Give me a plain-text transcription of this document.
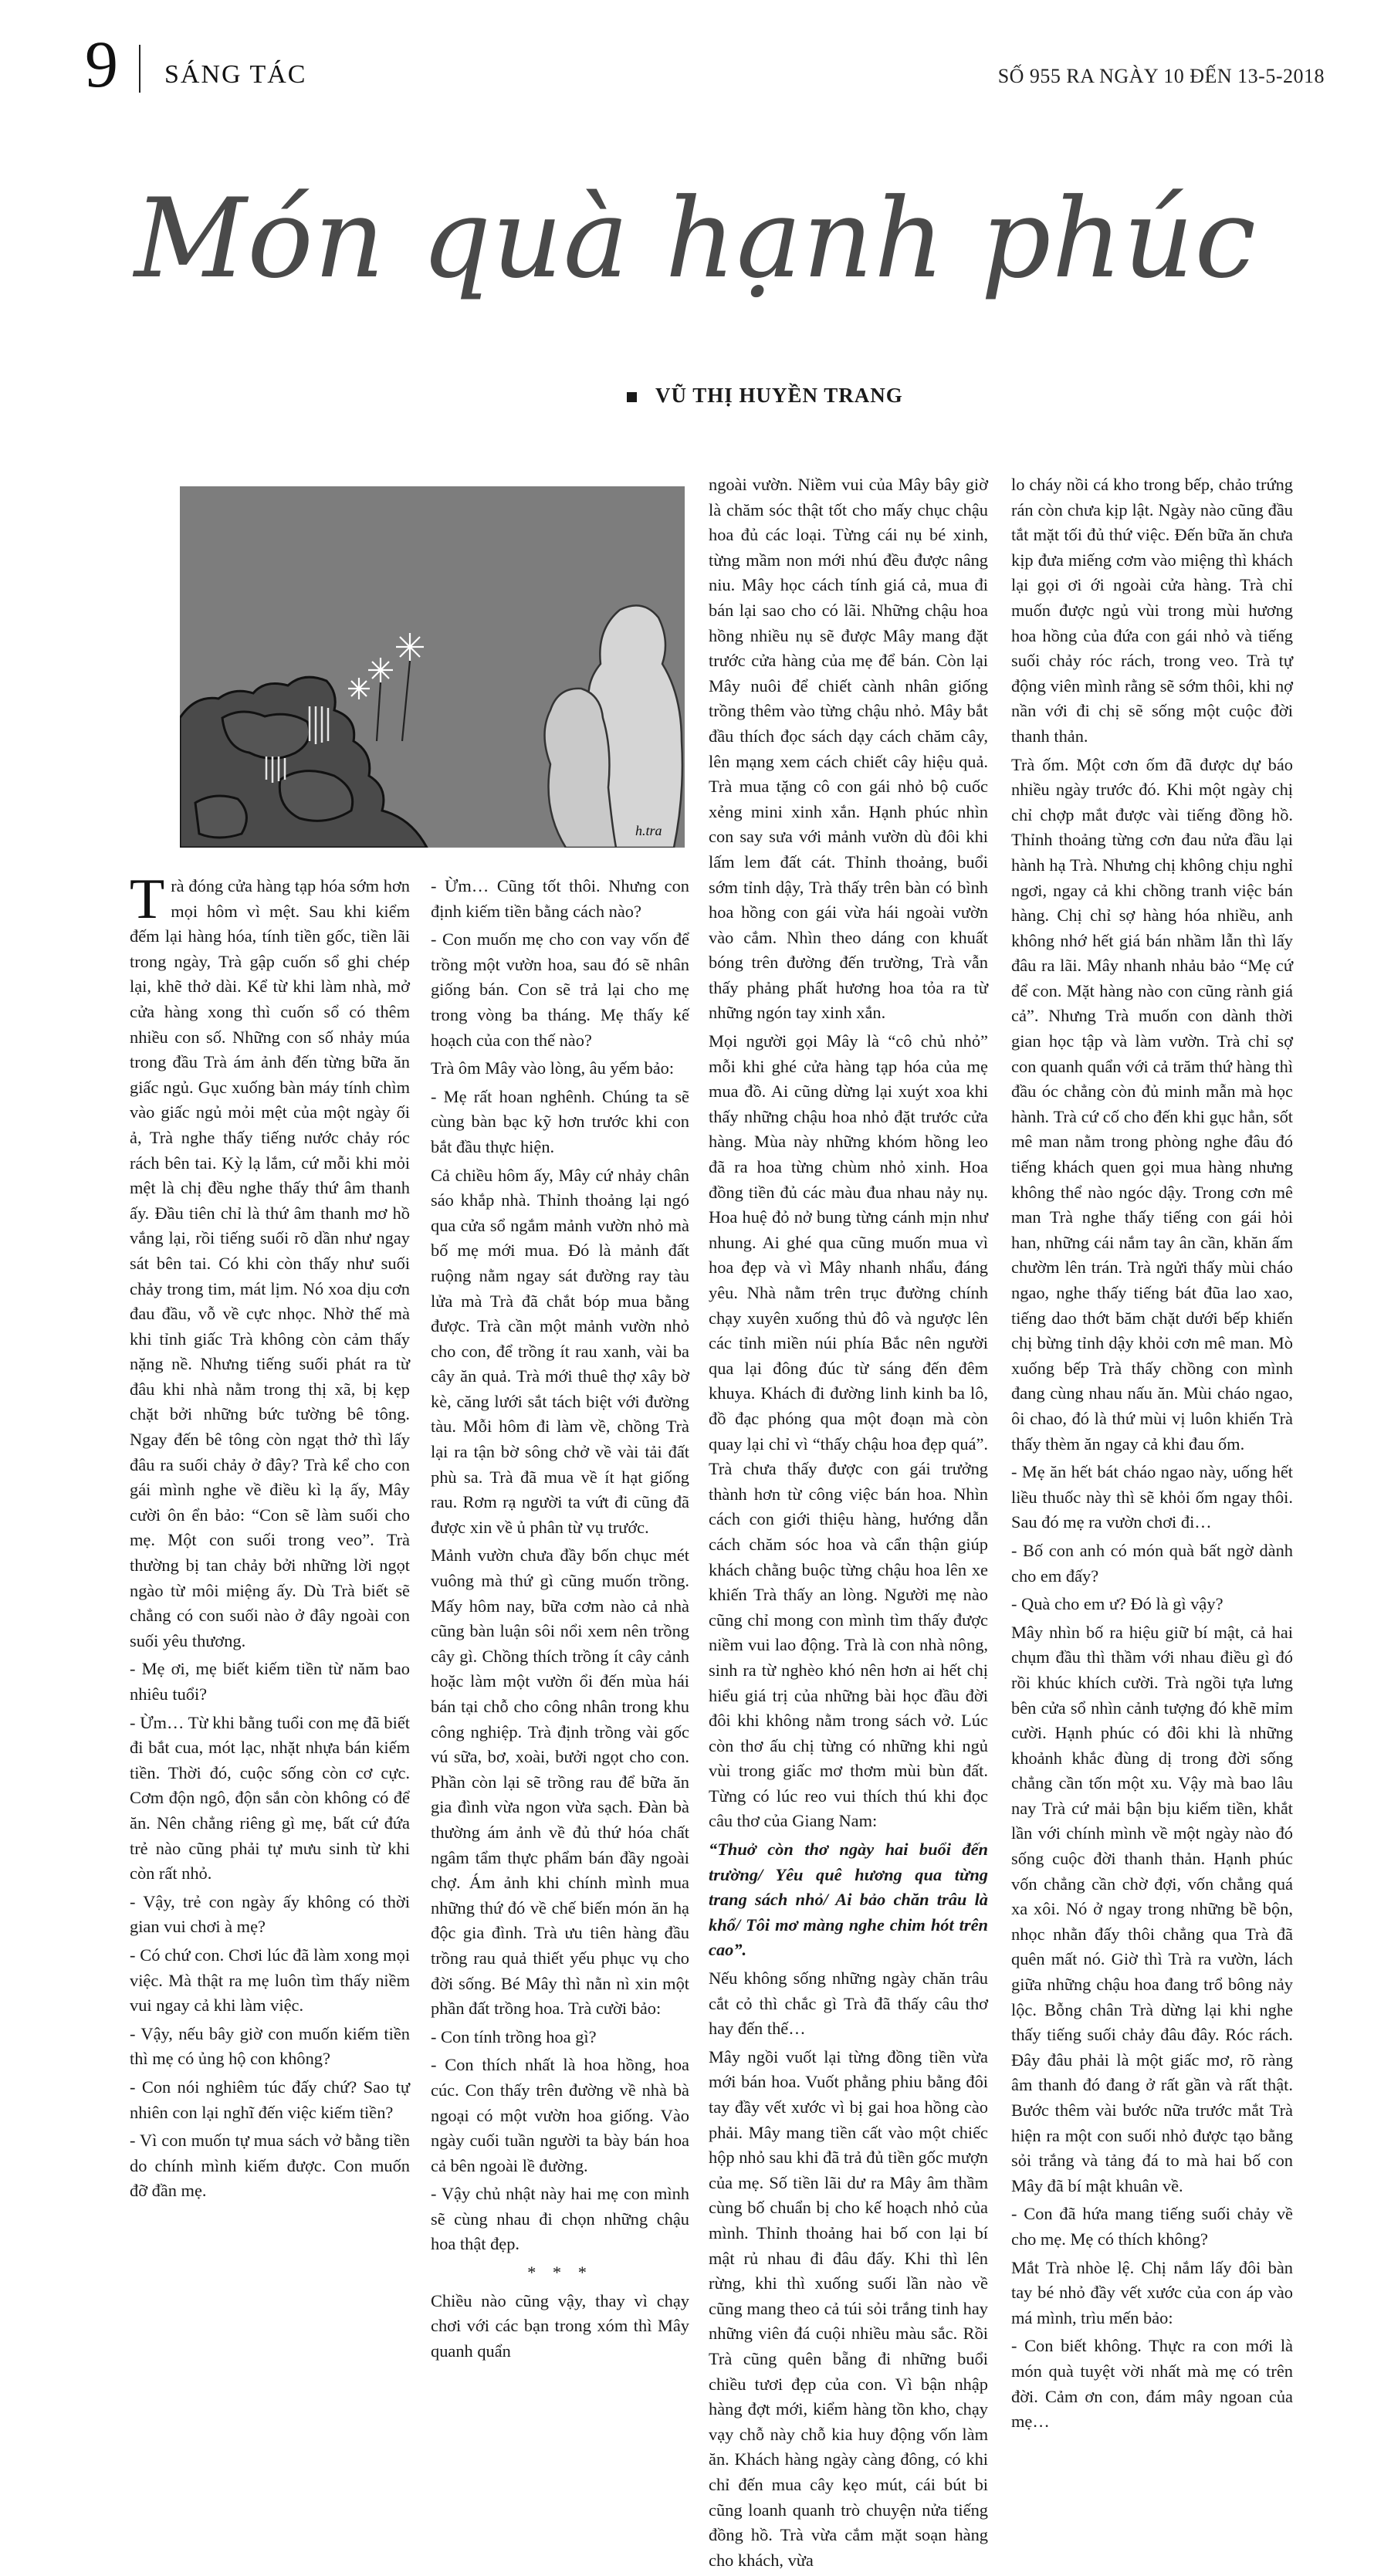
9 SÁNG TÁC	SỐ 955 RA NGÀY 10 ĐẾN 13-5-2018
Món quà hạnh phúc
VŨ THỊ HUYỀN TRANG
h.tra

Trà đóng cửa hàng tạp hóa sớm hơn mọi hôm vì mệt. Sau khi kiểm đếm lại hàng hóa, tính tiền gốc, tiền lãi trong ngày, Trà gập cuốn sổ ghi chép lại, khẽ thở dài. Kể từ khi làm nhà, mở cửa hàng xong thì cuốn sổ có thêm nhiều con số. Những con số nhảy múa trong đầu Trà ám ảnh đến từng bữa ăn giấc ngủ. Gục xuống bàn máy tính chìm vào giấc ngủ mỏi mệt của một ngày ối ả, Trà nghe thấy tiếng nước chảy róc rách bên tai. Kỳ lạ lắm, cứ mỗi khi mỏi mệt là chị đều nghe thấy thứ âm thanh ấy. Đầu tiên chỉ là thứ âm thanh mơ hồ vắng lại, rồi tiếng suối rõ dần như ngay sát bên tai. Có khi còn thấy như suối chảy trong tim, mát lịm. Nó xoa dịu cơn đau đầu, vỗ về cực nhọc. Nhờ thế mà khi tỉnh giấc Trà không còn cảm thấy nặng nề. Nhưng tiếng suối phát ra từ đâu khi nhà nằm trong thị xã, bị kẹp chặt bởi những bức tường bê tông. Ngay đến bê tông còn ngạt thở thì lấy đâu ra suối chảy ở đây? Trà kể cho con gái mình nghe về điều kì lạ ấy, Mây cười ôn ển bảo: “Con sẽ làm suối cho mẹ. Một con suối trong veo”. Trà thường bị tan chảy bởi những lời ngọt ngào từ môi miệng ấy. Dù Trà biết sẽ chẳng có con suối nào ở đây ngoài con suối yêu thương.

- Mẹ ơi, mẹ biết kiếm tiền từ năm bao nhiêu tuổi?

- Ừm… Từ khi bằng tuổi con mẹ đã biết đi bắt cua, mót lạc, nhặt nhựa bán kiếm tiền. Thời đó, cuộc sống còn cơ cực. Cơm độn ngô, độn sắn còn không có để ăn. Nên chẳng riêng gì mẹ, bất cứ đứa trẻ nào cũng phải tự mưu sinh từ khi còn rất nhỏ.

- Vậy, trẻ con ngày ấy không có thời gian vui chơi à mẹ?

- Có chứ con. Chơi lúc đã làm xong mọi việc. Mà thật ra mẹ luôn tìm thấy niềm vui ngay cả khi làm việc.

- Vậy, nếu bây giờ con muốn kiếm tiền thì mẹ có ủng hộ con không?

- Con nói nghiêm túc đấy chứ? Sao tự nhiên con lại nghĩ đến việc kiếm tiền?

- Vì con muốn tự mua sách vở bằng tiền do chính mình kiếm được. Con muốn đỡ đần mẹ.

- Ừm… Cũng tốt thôi. Nhưng con định kiếm tiền bằng cách nào?

- Con muốn mẹ cho con vay vốn để trồng một vườn hoa, sau đó sẽ nhân giống bán. Con sẽ trả lại cho mẹ trong vòng ba tháng. Mẹ thấy kế hoạch của con thế nào?

Trà ôm Mây vào lòng, âu yếm bảo:

- Mẹ rất hoan nghênh. Chúng ta sẽ cùng bàn bạc kỹ hơn trước khi con bắt đầu thực hiện.

Cả chiều hôm ấy, Mây cứ nhảy chân sáo khắp nhà. Thỉnh thoảng lại ngó qua cửa sổ ngắm mảnh vườn nhỏ mà bố mẹ mới mua. Đó là mảnh đất ruộng nằm ngay sát đường ray tàu lửa mà Trà đã chắt bóp mua bằng được. Trà cần một mảnh vườn nhỏ cho con, để trồng ít rau xanh, vài ba cây ăn quả. Trà mới thuê thợ xây bờ kè, căng lưới sắt tách biệt với đường tàu. Mỗi hôm đi làm về, chồng Trà lại ra tận bờ sông chở về vài tải đất phù sa. Trà đã mua về ít hạt giống rau. Rơm rạ người ta vứt đi cũng đã được xin về ủ phân từ vụ trước.

Mảnh vườn chưa đầy bốn chục mét vuông mà thứ gì cũng muốn trồng. Mấy hôm nay, bữa cơm nào cả nhà cũng bàn luận sôi nổi xem nên trồng cây gì. Chồng thích trồng ít cây cảnh hoặc làm một vườn ổi đến mùa hái bán tại chỗ cho công nhân trong khu công nghiệp. Trà định trồng vài gốc vú sữa, bơ, xoài, bưởi ngọt cho con. Phần còn lại sẽ trồng rau để bữa ăn gia đình vừa ngon vừa sạch. Đàn bà thường ám ảnh về đủ thứ hóa chất ngâm tẩm thực phẩm bán đầy ngoài chợ. Ám ảnh khi chính mình mua những thứ đó về chế biến món ăn hạ độc gia đình. Trà ưu tiên hàng đầu trồng rau quả thiết yếu phục vụ cho đời sống. Bé Mây thì nằn nì xin một phần đất trồng hoa. Trà cười bảo:

- Con tính trồng hoa gì?

- Con thích nhất là hoa hồng, hoa cúc. Con thấy trên đường về nhà bà ngoại có một vườn hoa giống. Vào ngày cuối tuần người ta bày bán hoa cả bên ngoài lề đường.

- Vậy chủ nhật này hai mẹ con mình sẽ cùng nhau đi chọn những chậu hoa thật đẹp.

* * *

Chiều nào cũng vậy, thay vì chạy chơi với các bạn trong xóm thì Mây quanh quẩn

ngoài vườn. Niềm vui của Mây bây giờ là chăm sóc thật tốt cho mấy chục chậu hoa đủ các loại. Từng cái nụ bé xinh, từng mầm non mới nhú đều được nâng niu. Mây học cách tính giá cả, mua đi bán lại sao cho có lãi. Những chậu hoa hồng nhiều nụ sẽ được Mây mang đặt trước cửa hàng của mẹ để bán. Còn lại Mây nuôi để chiết cành nhân giống trồng thêm vào từng chậu nhỏ. Mây bắt đầu thích đọc sách dạy cách chăm cây, lên mạng xem cách chiết cây hiệu quả. Trà mua tặng cô con gái nhỏ bộ cuốc xẻng mini xinh xắn. Hạnh phúc nhìn con say sưa với mảnh vườn dù đôi khi lấm lem đất cát. Thỉnh thoảng, buổi sớm tỉnh dậy, Trà thấy trên bàn có bình hoa hồng con gái vừa hái ngoài vườn vào cắm. Nhìn theo dáng con khuất bóng trên đường đến trường, Trà vẫn thấy phảng phất hương hoa tỏa ra từ những ngón tay xinh xắn.

Mọi người gọi Mây là “cô chủ nhỏ” mỗi khi ghé cửa hàng tạp hóa của mẹ mua đồ. Ai cũng dừng lại xuýt xoa khi thấy những chậu hoa nhỏ đặt trước cửa hàng. Mùa này những khóm hồng leo đã ra hoa từng chùm nhỏ xinh. Hoa đồng tiền đủ các màu đua nhau nảy nụ. Hoa huệ đỏ nở bung từng cánh mịn như nhung. Ai ghé qua cũng muốn mua vì hoa đẹp và vì Mây nhanh nhẩu, đáng yêu. Nhà nằm trên trục đường chính chạy xuyên xuống thủ đô và ngược lên các tỉnh miền núi phía Bắc nên người qua lại đông đúc từ sáng đến đêm khuya. Khách đi đường linh kinh ba lô, đồ đạc phóng qua một đoạn mà còn quay lại chỉ vì “thấy chậu hoa đẹp quá”. Trà chưa thấy được con gái trưởng thành hơn từ công việc bán hoa. Nhìn cách con giới thiệu hàng, hướng dẫn cách chăm sóc hoa và cẩn thận giúp khách chằng buộc từng chậu hoa lên xe khiến Trà thấy an lòng. Người mẹ nào cũng chỉ mong con mình tìm thấy được niềm vui lao động. Trà là con nhà nông, sinh ra từ nghèo khó nên hơn ai hết chị hiểu giá trị của những bài học đầu đời đôi khi không nằm trong sách vở. Lúc còn thơ ấu chị từng có những khi ngủ vùi trong giấc mơ thơm mùi bùn đất. Từng có lúc reo vui thích thú khi đọc câu thơ của Giang Nam:

“Thuở còn thơ ngày hai buổi đến trường/ Yêu quê hương qua từng trang sách nhỏ/ Ai bảo chăn trâu là khổ/ Tôi mơ màng nghe chim hót trên cao”.

Nếu không sống những ngày chăn trâu cắt cỏ thì chắc gì Trà đã thấy câu thơ hay đến thế…

Mây ngồi vuốt lại từng đồng tiền vừa mới bán hoa. Vuốt phẳng phiu bằng đôi tay đầy vết xước vì bị gai hoa hồng cào phải. Mây mang tiền cất vào một chiếc hộp nhỏ sau khi đã trả đủ tiền gốc mượn của mẹ. Số tiền lãi dư ra Mây âm thầm cùng bố chuẩn bị cho kế hoạch nhỏ của mình. Thỉnh thoảng hai bố con lại bí mật rủ nhau đi đâu đấy. Khi thì lên rừng, khi thì xuống suối lần nào về cũng mang theo cả túi sỏi trắng tinh hay những viên đá cuội nhiều màu sắc. Rồi Trà cũng quên bẵng đi những buổi chiều tươi đẹp của con. Vì bận nhập hàng đợt mới, kiểm hàng tồn kho, chạy vạy chỗ này chỗ kia huy động vốn làm ăn. Khách hàng ngày càng đông, có khi chỉ đến mua cây kẹo mút, cái bút bi cũng loanh quanh trò chuyện nửa tiếng đồng hồ. Trà vừa cắm mặt soạn hàng cho khách, vừa

lo cháy nồi cá kho trong bếp, chảo trứng rán còn chưa kịp lật. Ngày nào cũng đầu tắt mặt tối đủ thứ việc. Đến bữa ăn chưa kịp đưa miếng cơm vào miệng thì khách lại gọi ơi ới ngoài cửa hàng. Trà chỉ muốn được ngủ vùi trong mùi hương hoa hồng của đứa con gái nhỏ và tiếng suối chảy róc rách, trong veo. Trà tự động viên mình rằng sẽ sớm thôi, khi nợ nần với đi chị sẽ sống một cuộc đời thanh thản.

Trà ốm. Một cơn ốm đã được dự báo nhiều ngày trước đó. Khi một ngày chị chỉ chợp mắt được vài tiếng đồng hồ. Thỉnh thoảng từng cơn đau nửa đầu lại hành hạ Trà. Nhưng chị không chịu nghỉ ngơi, ngay cả khi chồng tranh việc bán hàng. Chị chỉ sợ hàng hóa nhiều, anh không nhớ hết giá bán nhầm lẫn thì lấy đâu ra lãi. Mây nhanh nhảu bảo “Mẹ cứ để con. Mặt hàng nào con cũng rành giá cả”. Nhưng Trà muốn con dành thời gian học tập và làm vườn. Trà chỉ sợ con quanh quẩn với cả trăm thứ hàng thì đầu óc chẳng còn đủ minh mẫn mà học hành. Trà cứ cố cho đến khi gục hẳn, sốt mê man nằm trong phòng nghe đâu đó tiếng khách quen gọi mua hàng nhưng không thể nào ngóc dậy. Trong cơn mê man Trà nghe thấy tiếng con gái hỏi han, những cái nắm tay ân cần, khăn ấm chườm lên trán. Trà ngửi thấy mùi cháo ngao, nghe thấy tiếng bát đũa lao xao, tiếng dao thớt băm chặt dưới bếp khiến chị bừng tỉnh dậy khỏi cơn mê man. Mò xuống bếp Trà thấy chồng con mình đang cùng nhau nấu ăn. Mùi cháo ngao, ôi chao, đó là thứ mùi vị luôn khiến Trà thấy thèm ăn ngay cả khi đau ốm.

- Mẹ ăn hết bát cháo ngao này, uống hết liều thuốc này thì sẽ khỏi ốm ngay thôi. Sau đó mẹ ra vườn chơi đi…

- Bố con anh có món quà bất ngờ dành cho em đấy?

- Quà cho em ư? Đó là gì vậy?

Mây nhìn bố ra hiệu giữ bí mật, cả hai chụm đầu thì thầm với nhau điều gì đó rồi khúc khích cười. Trà ngồi tựa lưng bên cửa sổ nhìn cảnh tượng đó khẽ mỉm cười. Hạnh phúc có đôi khi là những khoảnh khắc đùng dị trong đời sống chẳng cần tốn một xu. Vậy mà bao lâu nay Trà cứ mải bận bịu kiếm tiền, khắt lần với chính mình về một ngày nào đó sống cuộc đời thanh thản. Hạnh phúc vốn chẳng cần chờ đợi, vốn chẳng quá xa xôi. Nó ở ngay trong những bề bộn, nhọc nhằn đấy thôi chẳng qua Trà đã quên mất nó. Giờ thì Trà ra vườn, lách giữa những chậu hoa đang trổ bông nảy lộc. Bỗng chân Trà dừng lại khi nghe thấy tiếng suối chảy đâu đây. Róc rách. Đây đâu phải là một giấc mơ, rõ ràng âm thanh đó đang ở rất gần và rất thật. Bước thêm vài bước nữa trước mắt Trà hiện ra một con suối nhỏ được tạo bằng sỏi trắng và tảng đá to mà hai bố con Mây đã bí mật khuân về.

- Con đã hứa mang tiếng suối chảy về cho mẹ. Mẹ có thích không?

Mắt Trà nhòe lệ. Chị nắm lấy đôi bàn tay bé nhỏ đầy vết xước của con áp vào má mình, trìu mến bảo:

- Con biết không. Thực ra con mới là món quà tuyệt vời nhất mà mẹ có trên đời. Cảm ơn con, đám mây ngoan của mẹ…
